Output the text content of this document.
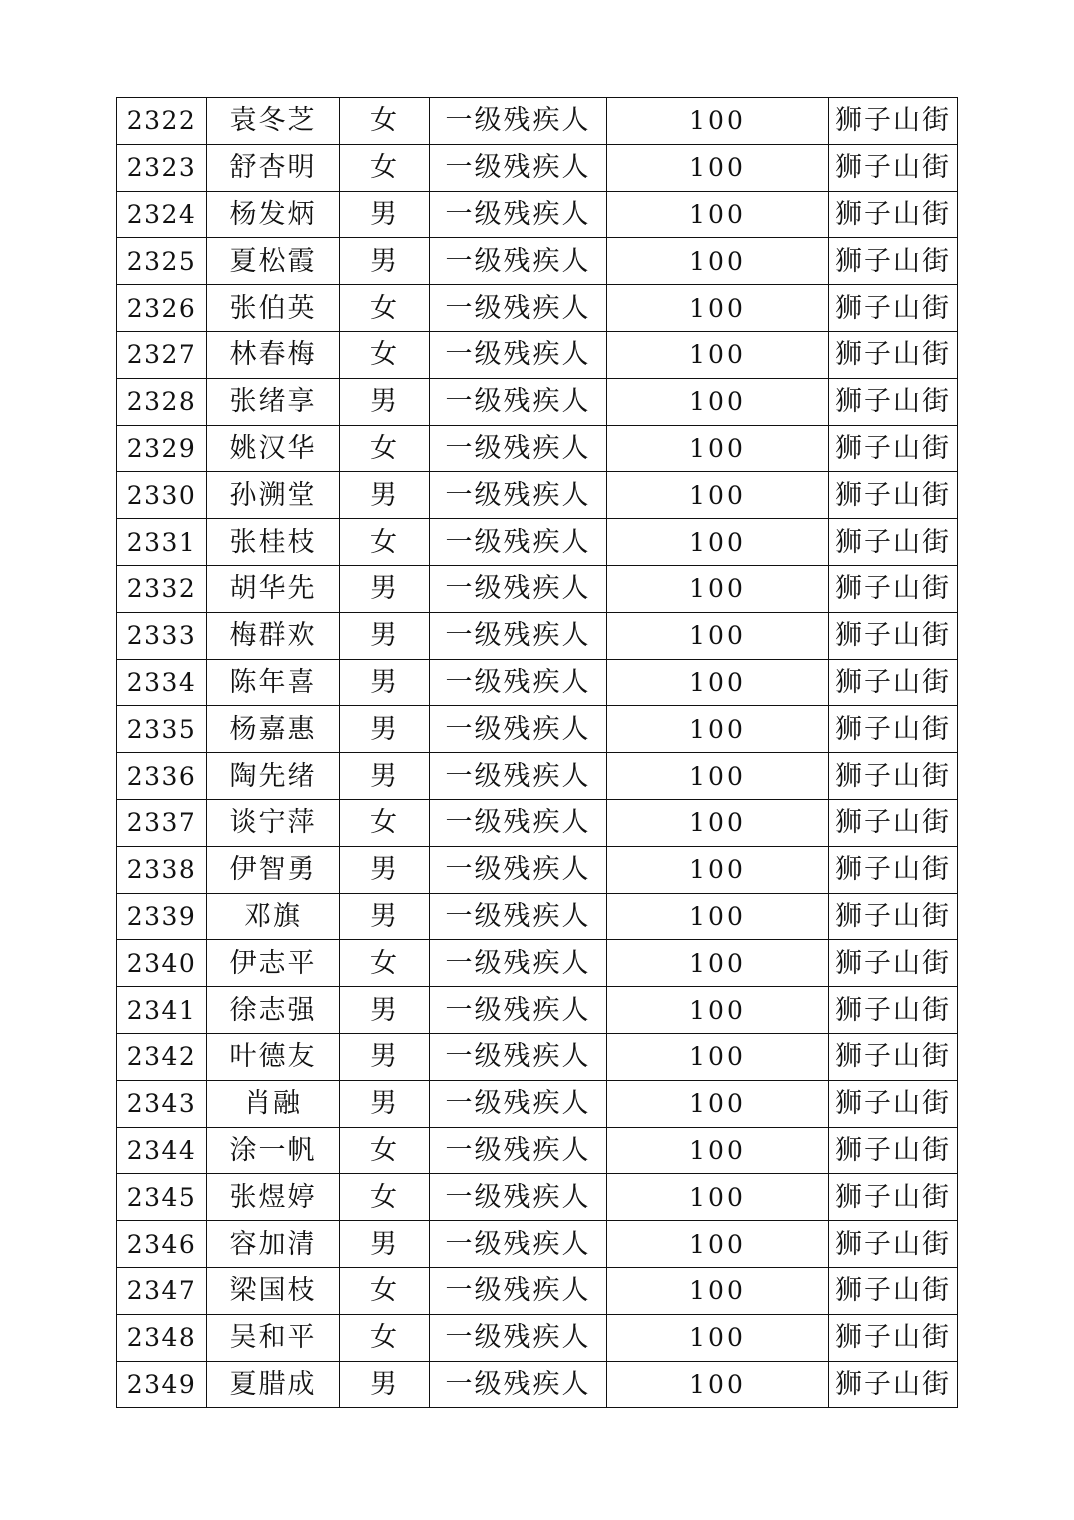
2322	袁冬芝	女	一级残疾人	100	狮子山街
2323	舒杏明	女	一级残疾人	100	狮子山街
2324	杨发炳	男	一级残疾人	100	狮子山街
2325	夏松霞	男	一级残疾人	100	狮子山街
2326	张伯英	女	一级残疾人	100	狮子山街
2327	林春梅	女	一级残疾人	100	狮子山街
2328	张绪享	男	一级残疾人	100	狮子山街
2329	姚汉华	女	一级残疾人	100	狮子山街
2330	孙溯堂	男	一级残疾人	100	狮子山街
2331	张桂枝	女	一级残疾人	100	狮子山街
2332	胡华先	男	一级残疾人	100	狮子山街
2333	梅群欢	男	一级残疾人	100	狮子山街
2334	陈年喜	男	一级残疾人	100	狮子山街
2335	杨嘉惠	男	一级残疾人	100	狮子山街
2336	陶先绪	男	一级残疾人	100	狮子山街
2337	谈宁萍	女	一级残疾人	100	狮子山街
2338	伊智勇	男	一级残疾人	100	狮子山街
2339	邓旗	男	一级残疾人	100	狮子山街
2340	伊志平	女	一级残疾人	100	狮子山街
2341	徐志强	男	一级残疾人	100	狮子山街
2342	叶德友	男	一级残疾人	100	狮子山街
2343	肖融	男	一级残疾人	100	狮子山街
2344	涂一帆	女	一级残疾人	100	狮子山街
2345	张煜婷	女	一级残疾人	100	狮子山街
2346	容加清	男	一级残疾人	100	狮子山街
2347	梁国枝	女	一级残疾人	100	狮子山街
2348	吴和平	女	一级残疾人	100	狮子山街
2349	夏腊成	男	一级残疾人	100	狮子山街
